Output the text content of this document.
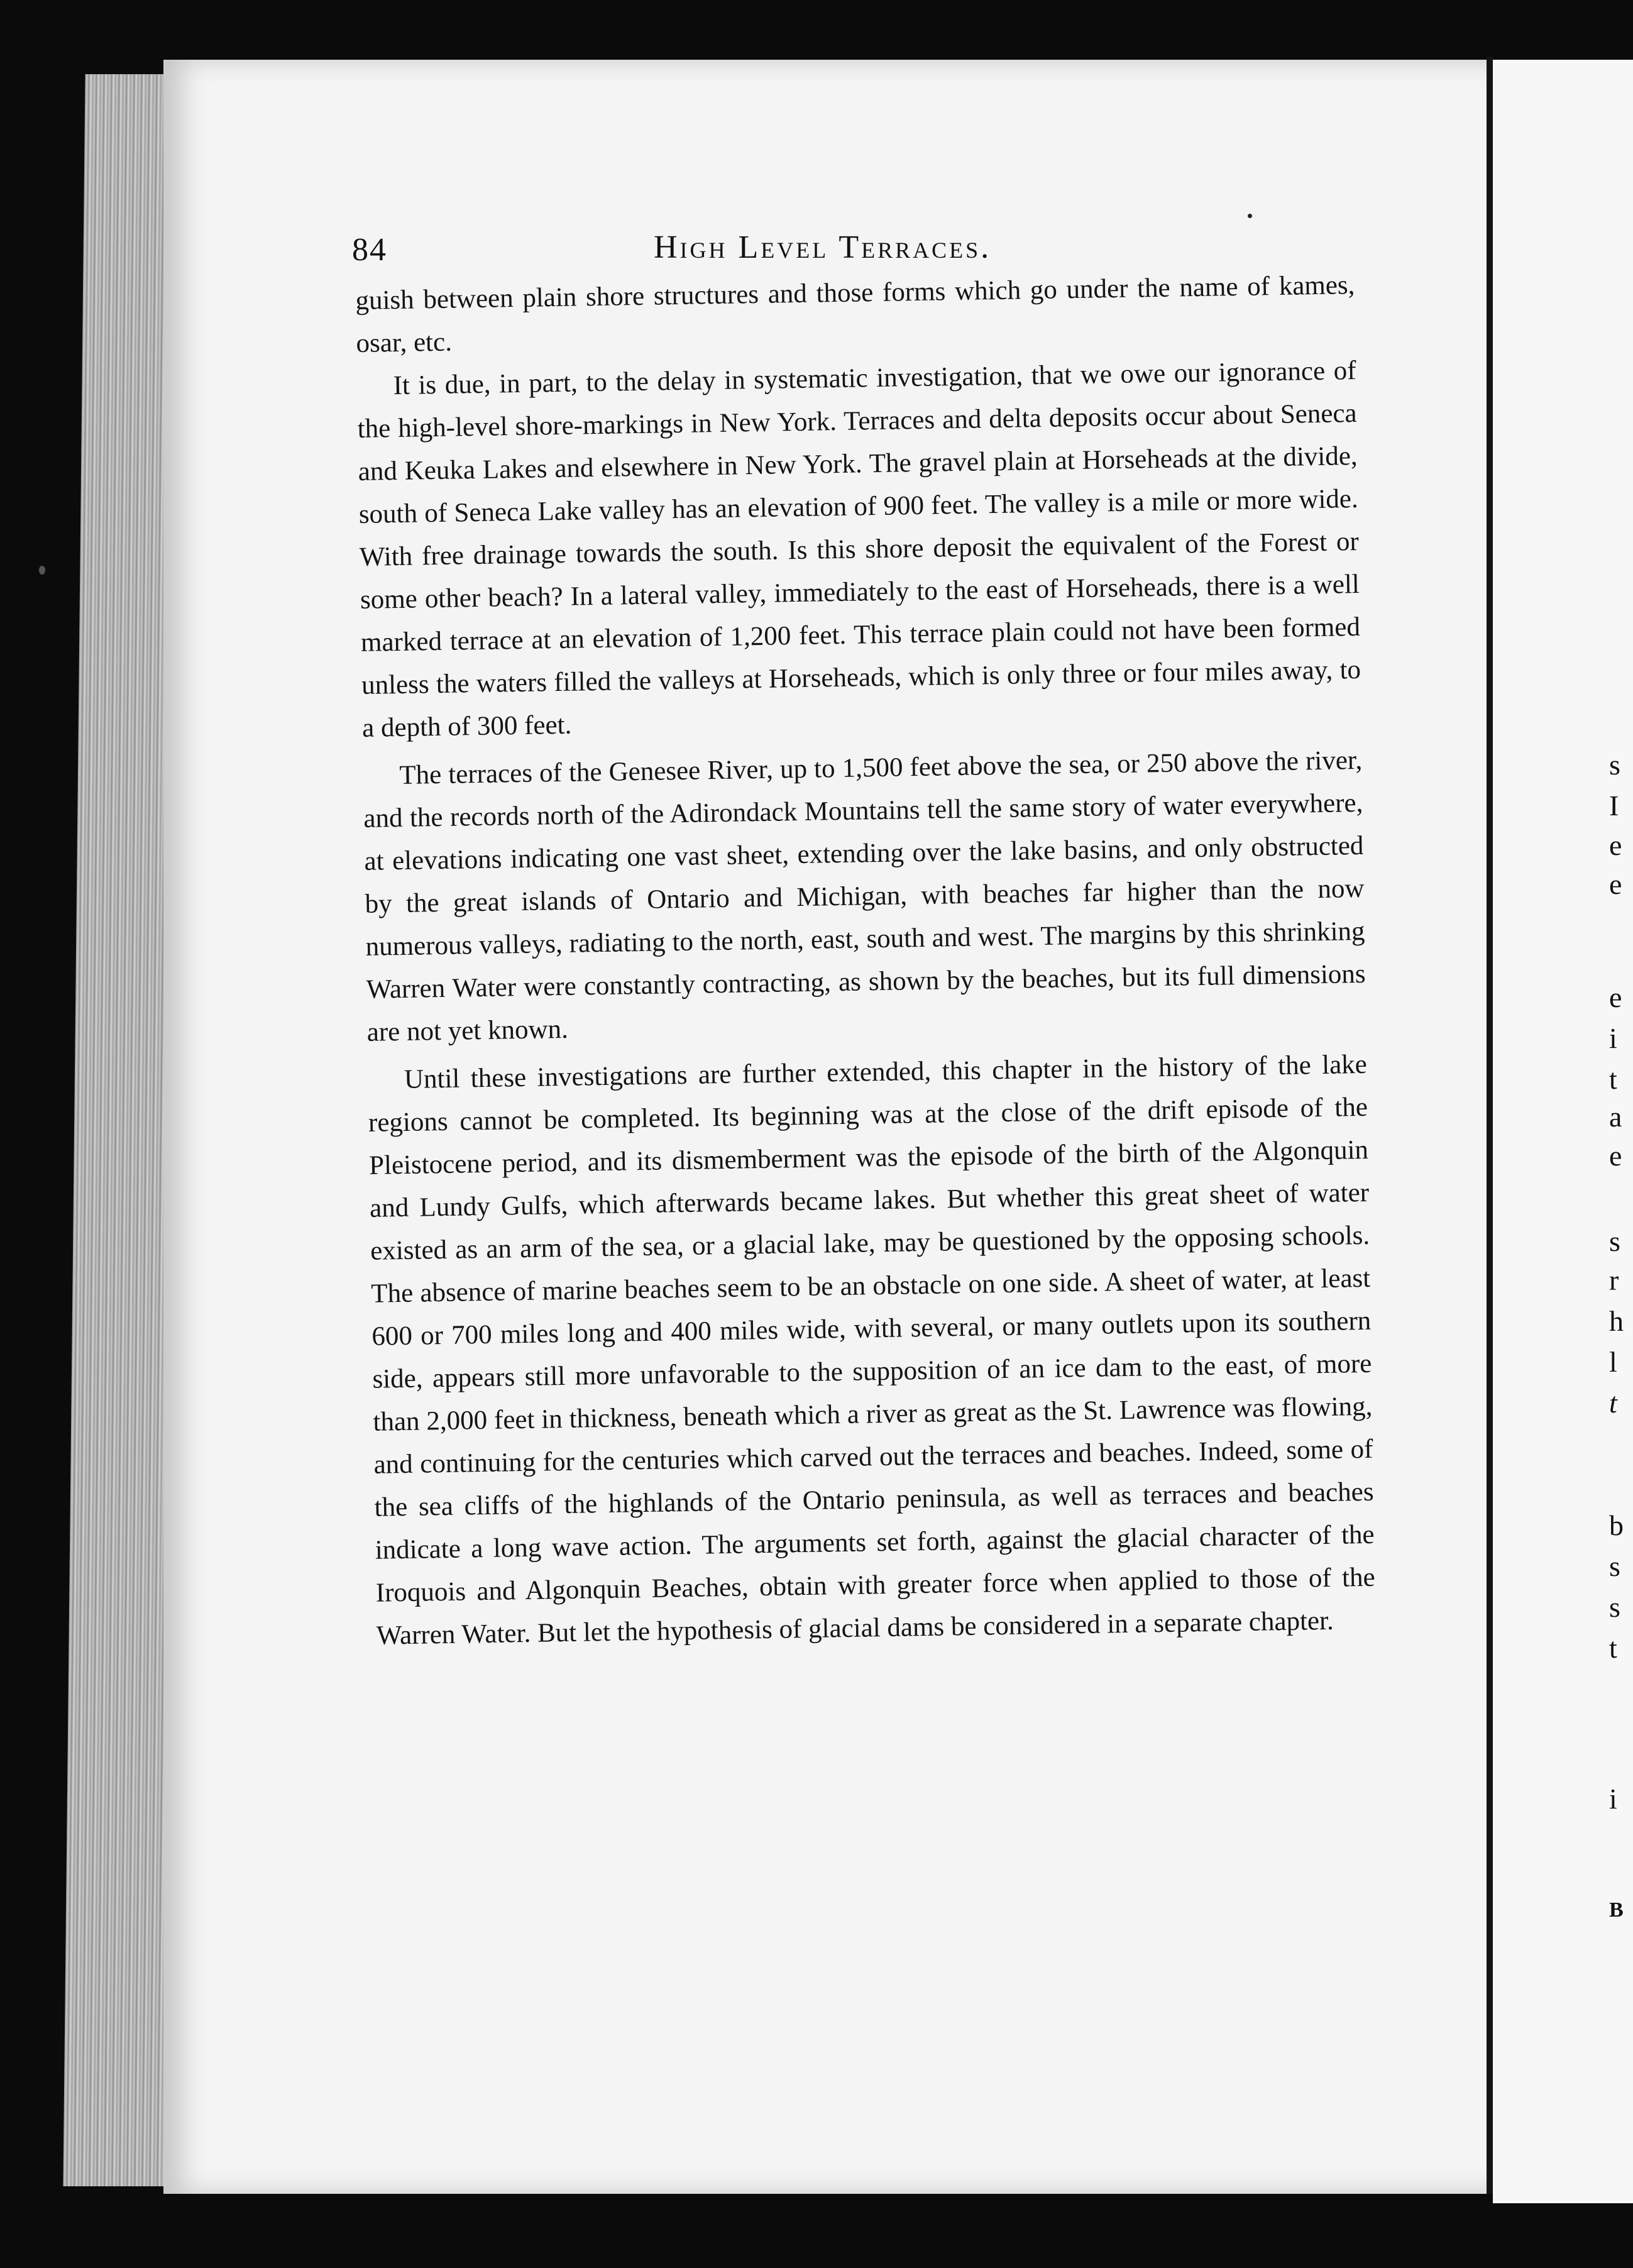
84	High Level Terraces.

guish between plain shore structures and those forms which go under the name of kames, osar, etc.

It is due, in part, to the delay in systematic investigation, that we owe our ignorance of the high-level shore-markings in New York. Terraces and delta deposits occur about Seneca and Keuka Lakes and elsewhere in New York. The gravel plain at Horseheads at the divide, south of Seneca Lake valley has an elevation of 900 feet. The valley is a mile or more wide. With free drainage towards the south. Is this shore deposit the equivalent of the Forest or some other beach? In a lateral valley, immediately to the east of Horseheads, there is a well marked terrace at an elevation of 1,200 feet. This terrace plain could not have been formed unless the waters filled the valleys at Horseheads, which is only three or four miles away, to a depth of 300 feet.

The terraces of the Genesee River, up to 1,500 feet above the sea, or 250 above the river, and the records north of the Adirondack Mountains tell the same story of water everywhere, at elevations indicating one vast sheet, extending over the lake basins, and only obstructed by the great islands of Ontario and Michigan, with beaches far higher than the now numerous valleys, radiating to the north, east, south and west. The margins by this shrinking Warren Water were constantly contracting, as shown by the beaches, but its full dimensions are not yet known.

Until these investigations are further extended, this chapter in the history of the lake regions cannot be completed. Its beginning was at the close of the drift episode of the Pleistocene period, and its dismemberment was the episode of the birth of the Algonquin and Lundy Gulfs, which afterwards became lakes. But whether this great sheet of water existed as an arm of the sea, or a glacial lake, may be questioned by the opposing schools. The absence of marine beaches seem to be an obstacle on one side. A sheet of water, at least 600 or 700 miles long and 400 miles wide, with several, or many outlets upon its southern side, appears still more unfavorable to the supposition of an ice dam to the east, of more than 2,000 feet in thickness, beneath which a river as great as the St. Lawrence was flowing, and continuing for the centuries which carved out the terraces and beaches. Indeed, some of the sea cliffs of the highlands of the Ontario peninsula, as well as terraces and beaches indicate a long wave action. The arguments set forth, against the glacial character of the Iroquois and Algonquin Beaches, obtain with greater force when applied to those of the Warren Water. But let the hypothesis of glacial dams be considered in a separate chapter.

s
I
e
e
e
i
t
a
e
s
r
h
l
t
b
s
s
t
i
B
